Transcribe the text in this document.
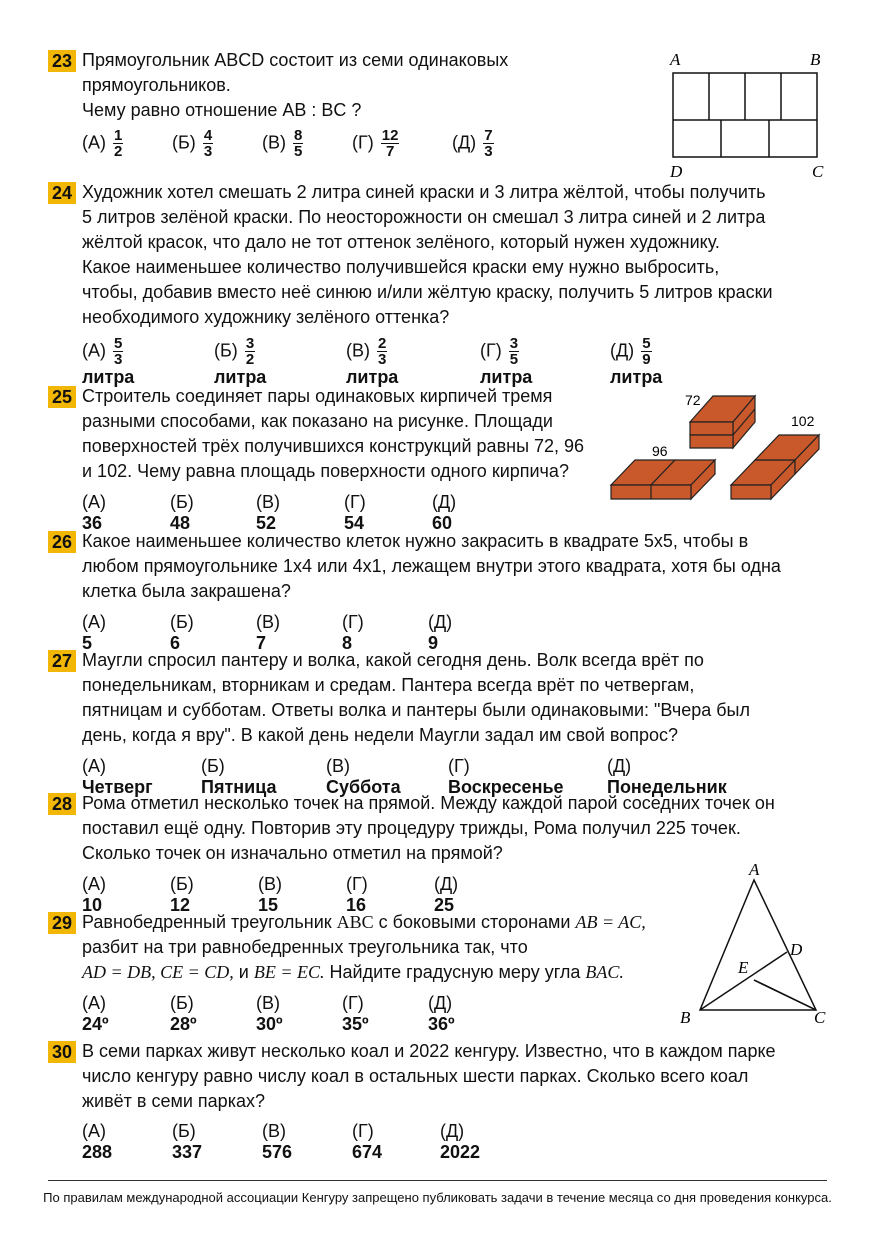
23 Прямоугольник ABCD состоит из семи одинаковых
прямоугольников.
Чему равно отношение AB : BC ?
$(А) \frac{1}{2}$	$(Б) \frac{4}{3}$	$(В) \frac{8}{5}$	$(Г) \frac{12}{7}$	$(Д) \frac{7}{3}$
A	B
D	C
24 Художник хотел смешать 2 литра синей краски и 3 литра жёлтой, чтобы получить
5 литров зелёной краски. По неосторожности он смешал 3 литра синей и 2 литра
жёлтой красок, что дало не тот оттенок зелёного, который нужен художнику.
Какое наименьшее количество получившейся краски ему нужно выбросить,
чтобы, добавив вместо неё синюю и/или жёлтую краску, получить 5 литров краски
необходимого художнику зелёного оттенка?
$(А) \frac{5}{3}$
литра
$(Б) \frac{3}{2}$
литра
$(В) \frac{2}{3}$
литра
$(Г) \frac{3}{5}$
литра
$(Д) \frac{5}{9}$
литра
25 Строитель соединяет пары одинаковых кирпичей тремя
разными способами, как показано на рисунке. Площади
поверхностей трёх получившихся конструкций равны 72, 96
и 102. Чему равна площадь поверхности одного кирпича?
(А) 36
(Б) 48
(В) 52
(Г) 54
(Д) 60
72
96
102
26 Какое наименьшее количество клеток нужно закрасить в квадрате 5х5, чтобы в
любом прямоугольнике 1х4 или 4х1, лежащем внутри этого квадрата, хотя бы одна
клетка была закрашена?
(А) 5
(Б) 6
(В) 7
(Г) 8
(Д) 9
27 Маугли спросил пантеру и волка, какой сегодня день. Волк всегда врёт по
понедельникам, вторникам и средам. Пантера всегда врёт по четвергам,
пятницам и субботам. Ответы волка и пантеры были одинаковыми: "Вчера был
день, когда я вру". В какой день недели Маугли задал им свой вопрос?
(А) Четверг
(Б) Пятница
(В) Суббота
(Г) Воскресенье
(Д) Понедельник
28 Рома отметил несколько точек на прямой. Между каждой парой соседних точек он
поставил ещё одну. Повторив эту процедуру трижды, Рома получил 225 точек.
Сколько точек он изначально отметил на прямой?
(А) 10
(Б) 12
(В) 15
(Г) 16
(Д) 25
29 Равнобедренный треугольник ABC с боковыми сторонами AB = AC,
разбит на три равнобедренных треугольника так, что
AD = DB, CE = CD, и BE = EC. Найдите градусную меру угла BAC.
(А) 24º
(Б) 28º
(В) 30º
(Г) 35º
(Д) 36º
A
B	C
D
E
30 В семи парках живут несколько коал и 2022 кенгуру. Известно, что в каждом парке
число кенгуру равно числу коал в остальных шести парках. Сколько всего коал
живёт в семи парках?
(А) 288
(Б) 337
(В) 576
(Г) 674
(Д) 2022
По правилам международной ассоциации Кенгуру запрещено публиковать задачи в течение месяца со дня проведения конкурса.
